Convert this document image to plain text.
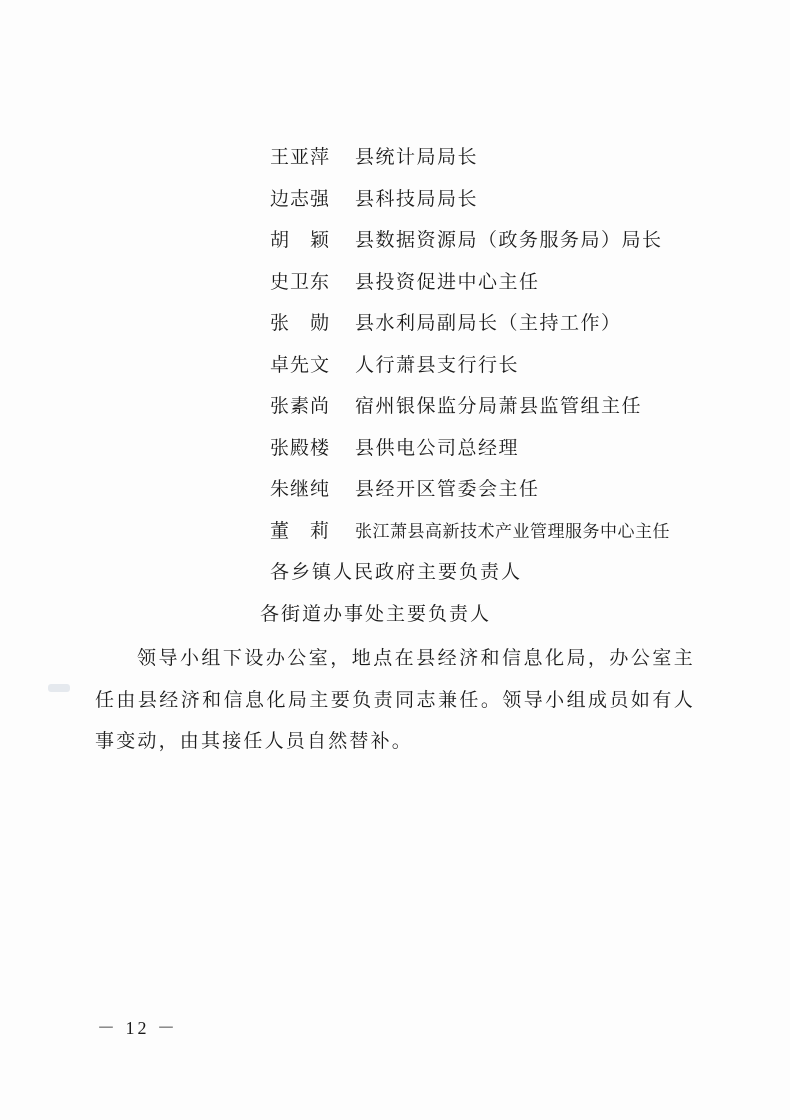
王亚萍 县统计局局长
边志强 县科技局局长
胡　颖 县数据资源局（政务服务局）局长
史卫东 县投资促进中心主任
张　勋 县水利局副局长（主持工作）
卓先文 人行萧县支行行长
张素尚 宿州银保监分局萧县监管组主任
张殿楼 县供电公司总经理
朱继纯 县经开区管委会主任
董　莉 张江萧县高新技术产业管理服务中心主任
各乡镇人民政府主要负责人
各街道办事处主要负责人
领导小组下设办公室，地点在县经济和信息化局，办公室主任由县经济和信息化局主要负责同志兼任。领导小组成员如有人事变动，由其接任人员自然替补。
－ 12 －
